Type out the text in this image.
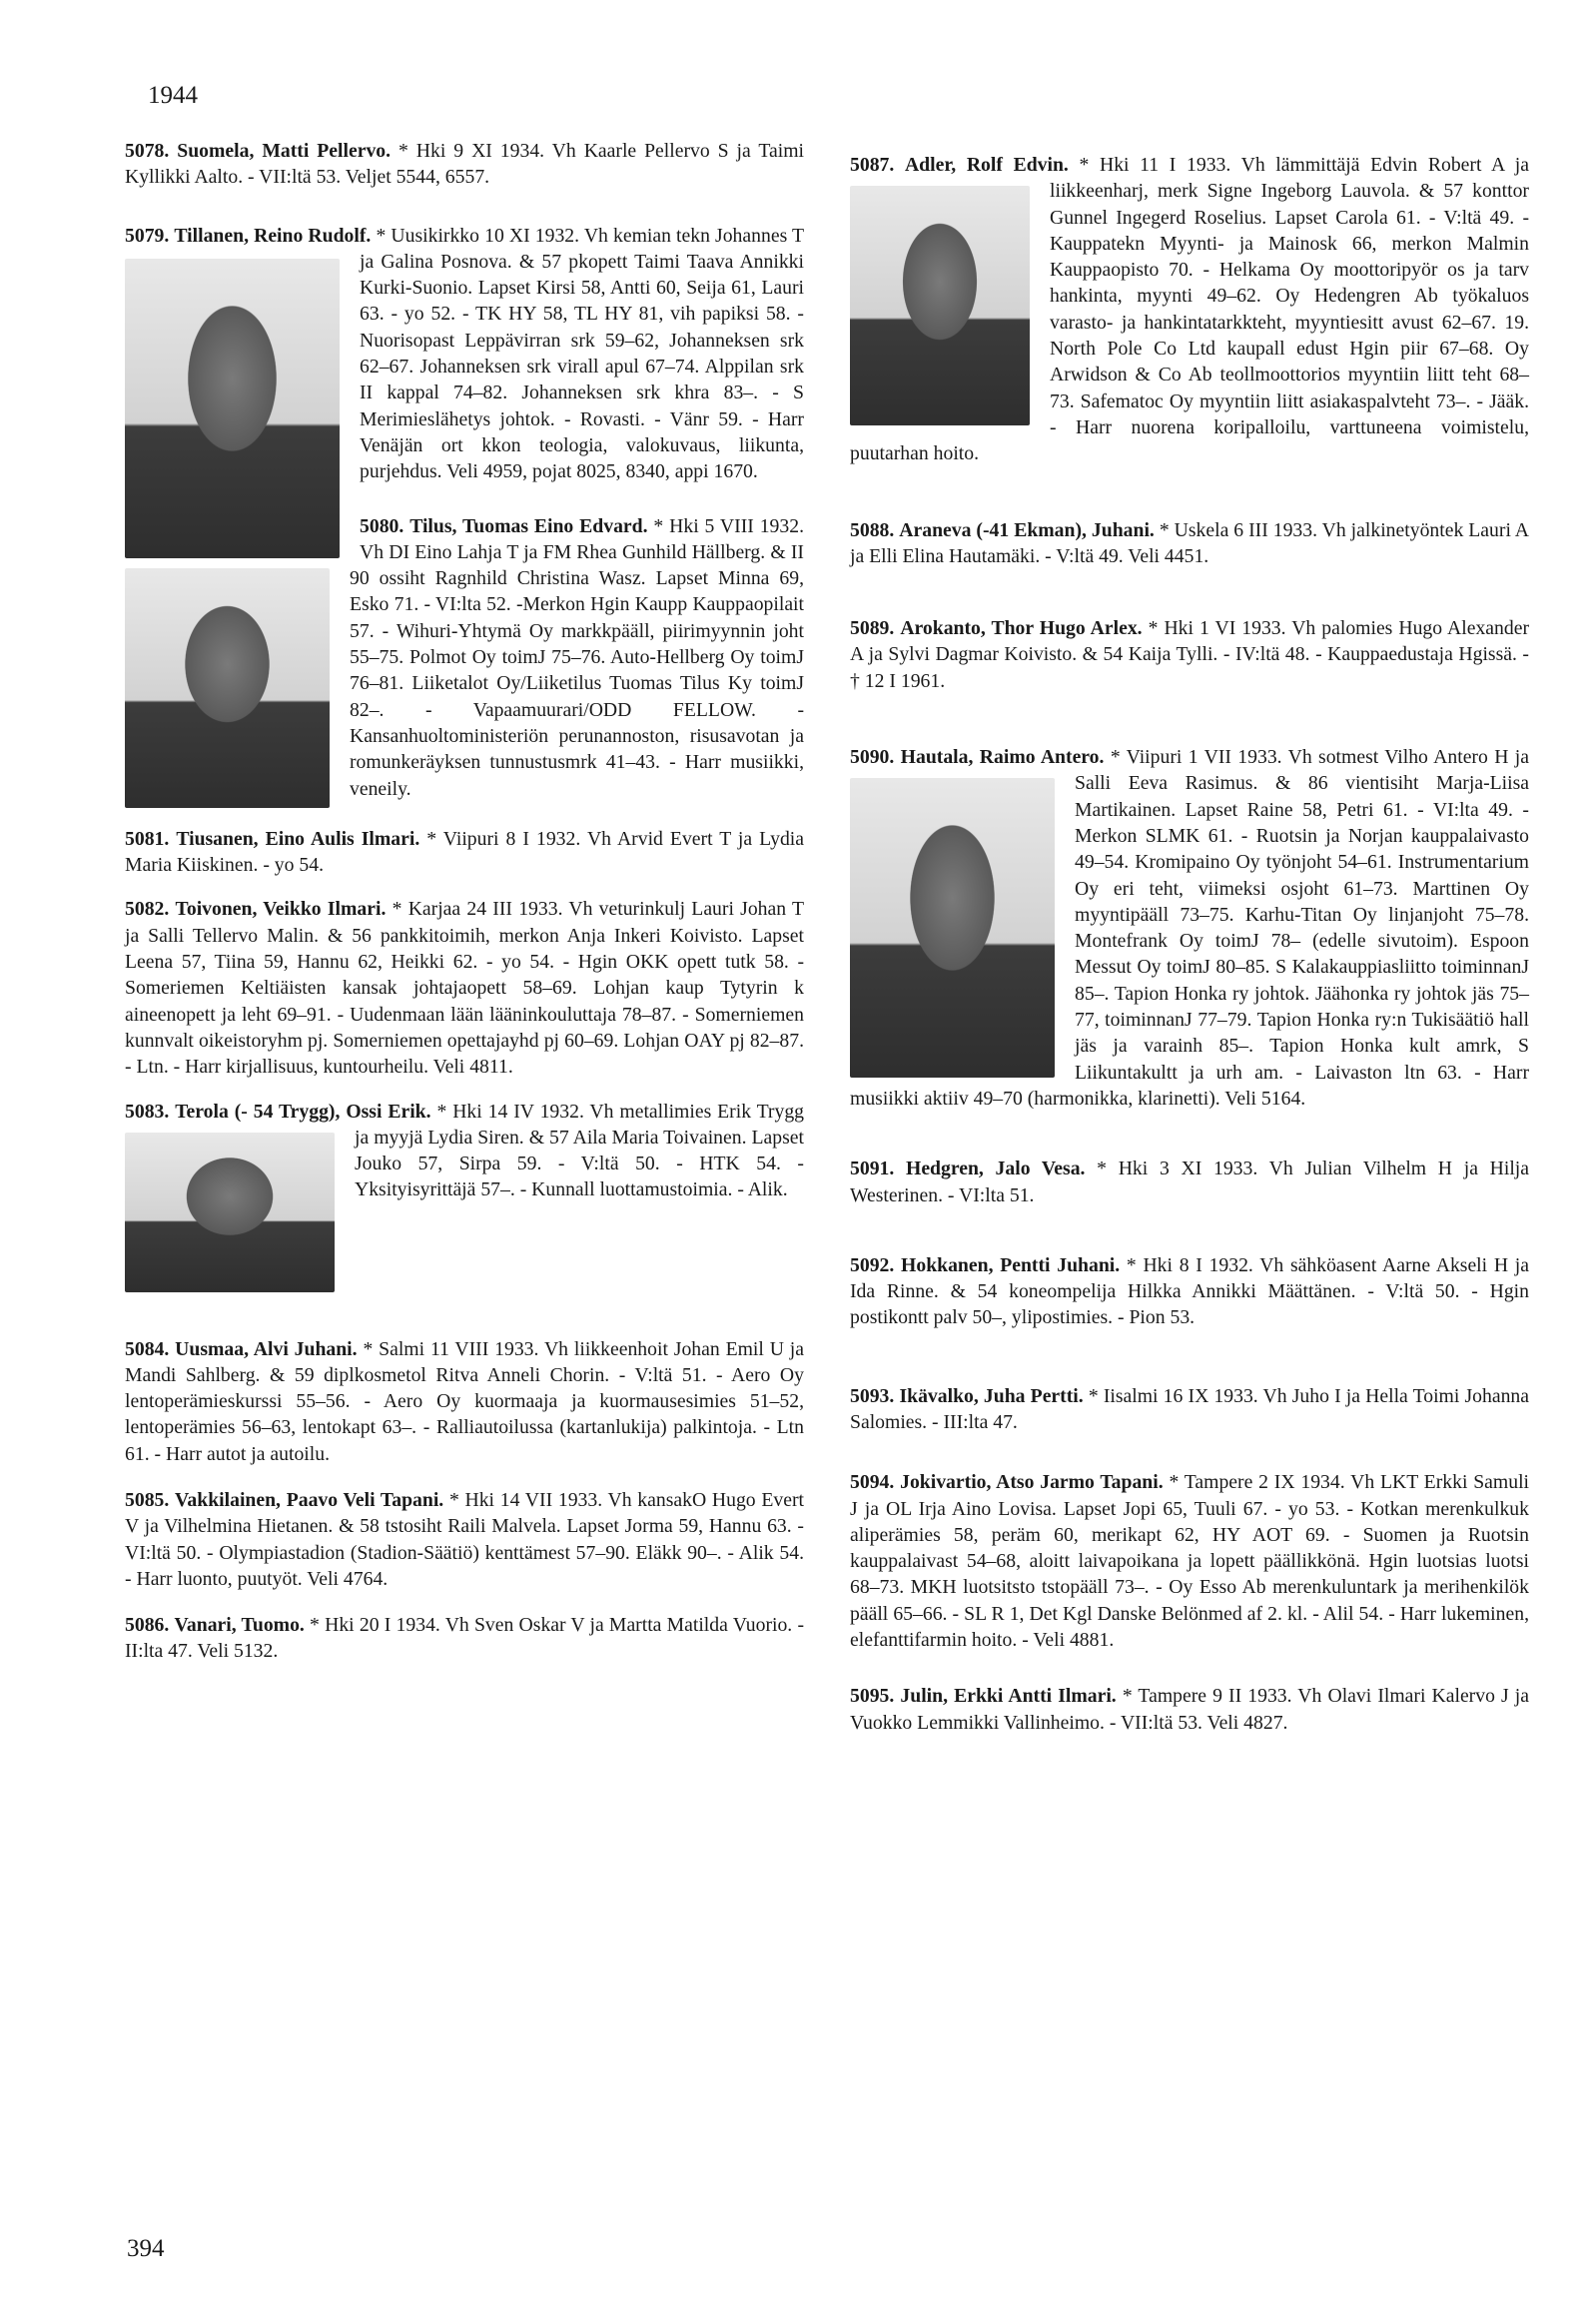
1944
394

5078. Suomela, Matti Pellervo. * Hki 9 XI 1934. Vh Kaarle Pellervo S ja Taimi Kyllikki Aalto. - VII:ltä 53. Veljet 5544, 6557.

5079. Tillanen, Reino Rudolf. * Uusikirkko 10 XI 1932. Vh kemian tekn Johannes T ja Galina Posnova. & 57 pkopett Taimi Taava Annikki Kurki-Suonio. Lapset Kirsi 58, Antti 60, Seija 61, Lauri 63. - yo 52. - TK HY 58, TL HY 81, vih papiksi 58. - Nuorisopast Leppävirran srk 59–62, Johanneksen srk 62–67. Johanneksen srk virall apul 67–74. Alppilan srk II kappal 74–82. Johanneksen srk khra 83–. - S Merimieslähetys johtok. - Rovasti. - Vänr 59. - Harr Venäjän ort kkon teologia, valokuvaus, liikunta, purjehdus. Veli 4959, pojat 8025, 8340, appi 1670.

5080. Tilus, Tuomas Eino Edvard. * Hki 5 VIII 1932. Vh DI Eino Lahja T ja FM Rhea Gunhild Hällberg. & II 90 ossiht Ragnhild Christina Wasz. Lapset Minna 69, Esko 71. - VI:lta 52. -Merkon Hgin Kaupp Kauppaopilait 57. - Wihuri-Yhtymä Oy markkpääll, piirimyynnin joht 55–75. Polmot Oy toimJ 75–76. Auto-Hellberg Oy toimJ 76–81. Liiketalot Oy/Liiketilus Tuomas Tilus Ky toimJ 82–. - Vapaamuurari/ODD FELLOW. - Kansanhuoltoministeriön perunannoston, risusavotan ja romunkeräyksen tunnustusmrk 41–43. - Harr musiikki, veneily.

5081. Tiusanen, Eino Aulis Ilmari. * Viipuri 8 I 1932. Vh Arvid Evert T ja Lydia Maria Kiiskinen. - yo 54.

5082. Toivonen, Veikko Ilmari. * Karjaa 24 III 1933. Vh veturinkulj Lauri Johan T ja Salli Tellervo Malin. & 56 pankkitoimih, merkon Anja Inkeri Koivisto. Lapset Leena 57, Tiina 59, Hannu 62, Heikki 62. - yo 54. - Hgin OKK opett tutk 58. - Someriemen Keltiäisten kansak johtajaopett 58–69. Lohjan kaup Tytyrin k aineenopett ja leht 69–91. - Uudenmaan lään lääninkouluttaja 78–87. - Somerniemen kunnvalt oikeistoryhm pj. Somerniemen opettajayhd pj 60–69. Lohjan OAY pj 82–87. - Ltn. - Harr kirjallisuus, kuntourheilu. Veli 4811.

5083. Terola (- 54 Trygg), Ossi Erik. * Hki 14 IV 1932. Vh metallimies Erik Trygg ja myyjä Lydia Siren. & 57 Aila Maria Toivainen. Lapset Jouko 57, Sirpa 59. - V:ltä 50. - HTK 54. - Yksityisyrittäjä 57–. - Kunnall luottamustoimia. - Alik.

5084. Uusmaa, Alvi Juhani. * Salmi 11 VIII 1933. Vh liikkeenhoit Johan Emil U ja Mandi Sahlberg. & 59 diplkosmetol Ritva Anneli Chorin. - V:ltä 51. - Aero Oy lentoperämieskurssi 55–56. - Aero Oy kuormaaja ja kuormausesimies 51–52, lentoperämies 56–63, lentokapt 63–. - Ralliautoilussa (kartanlukija) palkintoja. - Ltn 61. - Harr autot ja autoilu.

5085. Vakkilainen, Paavo Veli Tapani. * Hki 14 VII 1933. Vh kansakO Hugo Evert V ja Vilhelmina Hietanen. & 58 tstosiht Raili Malvela. Lapset Jorma 59, Hannu 63. - VI:ltä 50. - Olympiastadion (Stadion-Säätiö) kenttämest 57–90. Eläkk 90–. - Alik 54. - Harr luonto, puutyöt. Veli 4764.

5086. Vanari, Tuomo. * Hki 20 I 1934. Vh Sven Oskar V ja Martta Matilda Vuorio. - II:lta 47. Veli 5132.

5087. Adler, Rolf Edvin. * Hki 11 I 1933. Vh lämmittäjä Edvin Robert A ja liikkeenharj, merk Signe Ingeborg Lauvola. & 57 konttor Gunnel Ingegerd Roselius. Lapset Carola 61. - V:ltä 49. - Kauppatekn Myynti- ja Mainosk 66, merkon Malmin Kauppaopisto 70. - Helkama Oy moottoripyör os ja tarv hankinta, myynti 49–62. Oy Hedengren Ab työkaluos varasto- ja hankintatarkkteht, myyntiesitt avust 62–67. 19. North Pole Co Ltd kaupall edust Hgin piir 67–68. Oy Arwidson & Co Ab teollmoottorios myyntiin liitt teht 68–73. Safematoc Oy myyntiin liitt asiakaspalvteht 73–. - Jääk. - Harr nuorena koripalloilu, varttuneena voimistelu, puutarhan hoito.

5088. Araneva (-41 Ekman), Juhani. * Uskela 6 III 1933. Vh jalkinetyöntek Lauri A ja Elli Elina Hautamäki. - V:ltä 49. Veli 4451.

5089. Arokanto, Thor Hugo Arlex. * Hki 1 VI 1933. Vh palomies Hugo Alexander A ja Sylvi Dagmar Koivisto. & 54 Kaija Tylli. - IV:ltä 48. - Kauppaedustaja Hgissä. - † 12 I 1961.

5090. Hautala, Raimo Antero. * Viipuri 1 VII 1933. Vh sotmest Vilho Antero H ja Salli Eeva Rasimus. & 86 vientisiht Marja-Liisa Martikainen. Lapset Raine 58, Petri 61. - VI:lta 49. - Merkon SLMK 61. - Ruotsin ja Norjan kauppalaivasto 49–54. Kromipaino Oy työnjoht 54–61. Instrumentarium Oy eri teht, viimeksi osjoht 61–73. Marttinen Oy myyntipääll 73–75. Karhu-Titan Oy linjanjoht 75–78. Montefrank Oy toimJ 78– (edelle sivutoim). Espoon Messut Oy toimJ 80–85. S Kalakauppiasliitto toiminnanJ 85–. Tapion Honka ry johtok. Jäähonka ry johtok jäs 75–77, toiminnanJ 77–79. Tapion Honka ry:n Tukisäätiö hall jäs ja varainh 85–. Tapion Honka kult amrk, S Liikuntakultt ja urh am. - Laivaston ltn 63. - Harr musiikki aktiiv 49–70 (harmonikka, klarinetti). Veli 5164.

5091. Hedgren, Jalo Vesa. * Hki 3 XI 1933. Vh Julian Vilhelm H ja Hilja Westerinen. - VI:lta 51.

5092. Hokkanen, Pentti Juhani. * Hki 8 I 1932. Vh sähköasent Aarne Akseli H ja Ida Rinne. & 54 koneompelija Hilkka Annikki Määttänen. - V:ltä 50. - Hgin postikontt palv 50–, ylipostimies. - Pion 53.

5093. Ikävalko, Juha Pertti. * Iisalmi 16 IX 1933. Vh Juho I ja Hella Toimi Johanna Salomies. - III:lta 47.

5094. Jokivartio, Atso Jarmo Tapani. * Tampere 2 IX 1934. Vh LKT Erkki Samuli J ja OL Irja Aino Lovisa. Lapset Jopi 65, Tuuli 67. - yo 53. - Kotkan merenkulkuk aliperämies 58, peräm 60, merikapt 62, HY AOT 69. - Suomen ja Ruotsin kauppalaivast 54–68, aloitt laivapoikana ja lopett päällikkönä. Hgin luotsias luotsi 68–73. MKH luotsitsto tstopääll 73–. - Oy Esso Ab merenkuluntark ja merihenkilök pääll 65–66. - SL R 1, Det Kgl Danske Belönmed af 2. kl. - Alil 54. - Harr lukeminen, elefanttifarmin hoito. - Veli 4881.

5095. Julin, Erkki Antti Ilmari. * Tampere 9 II 1933. Vh Olavi Ilmari Kalervo J ja Vuokko Lemmikki Vallinheimo. - VII:ltä 53. Veli 4827.
